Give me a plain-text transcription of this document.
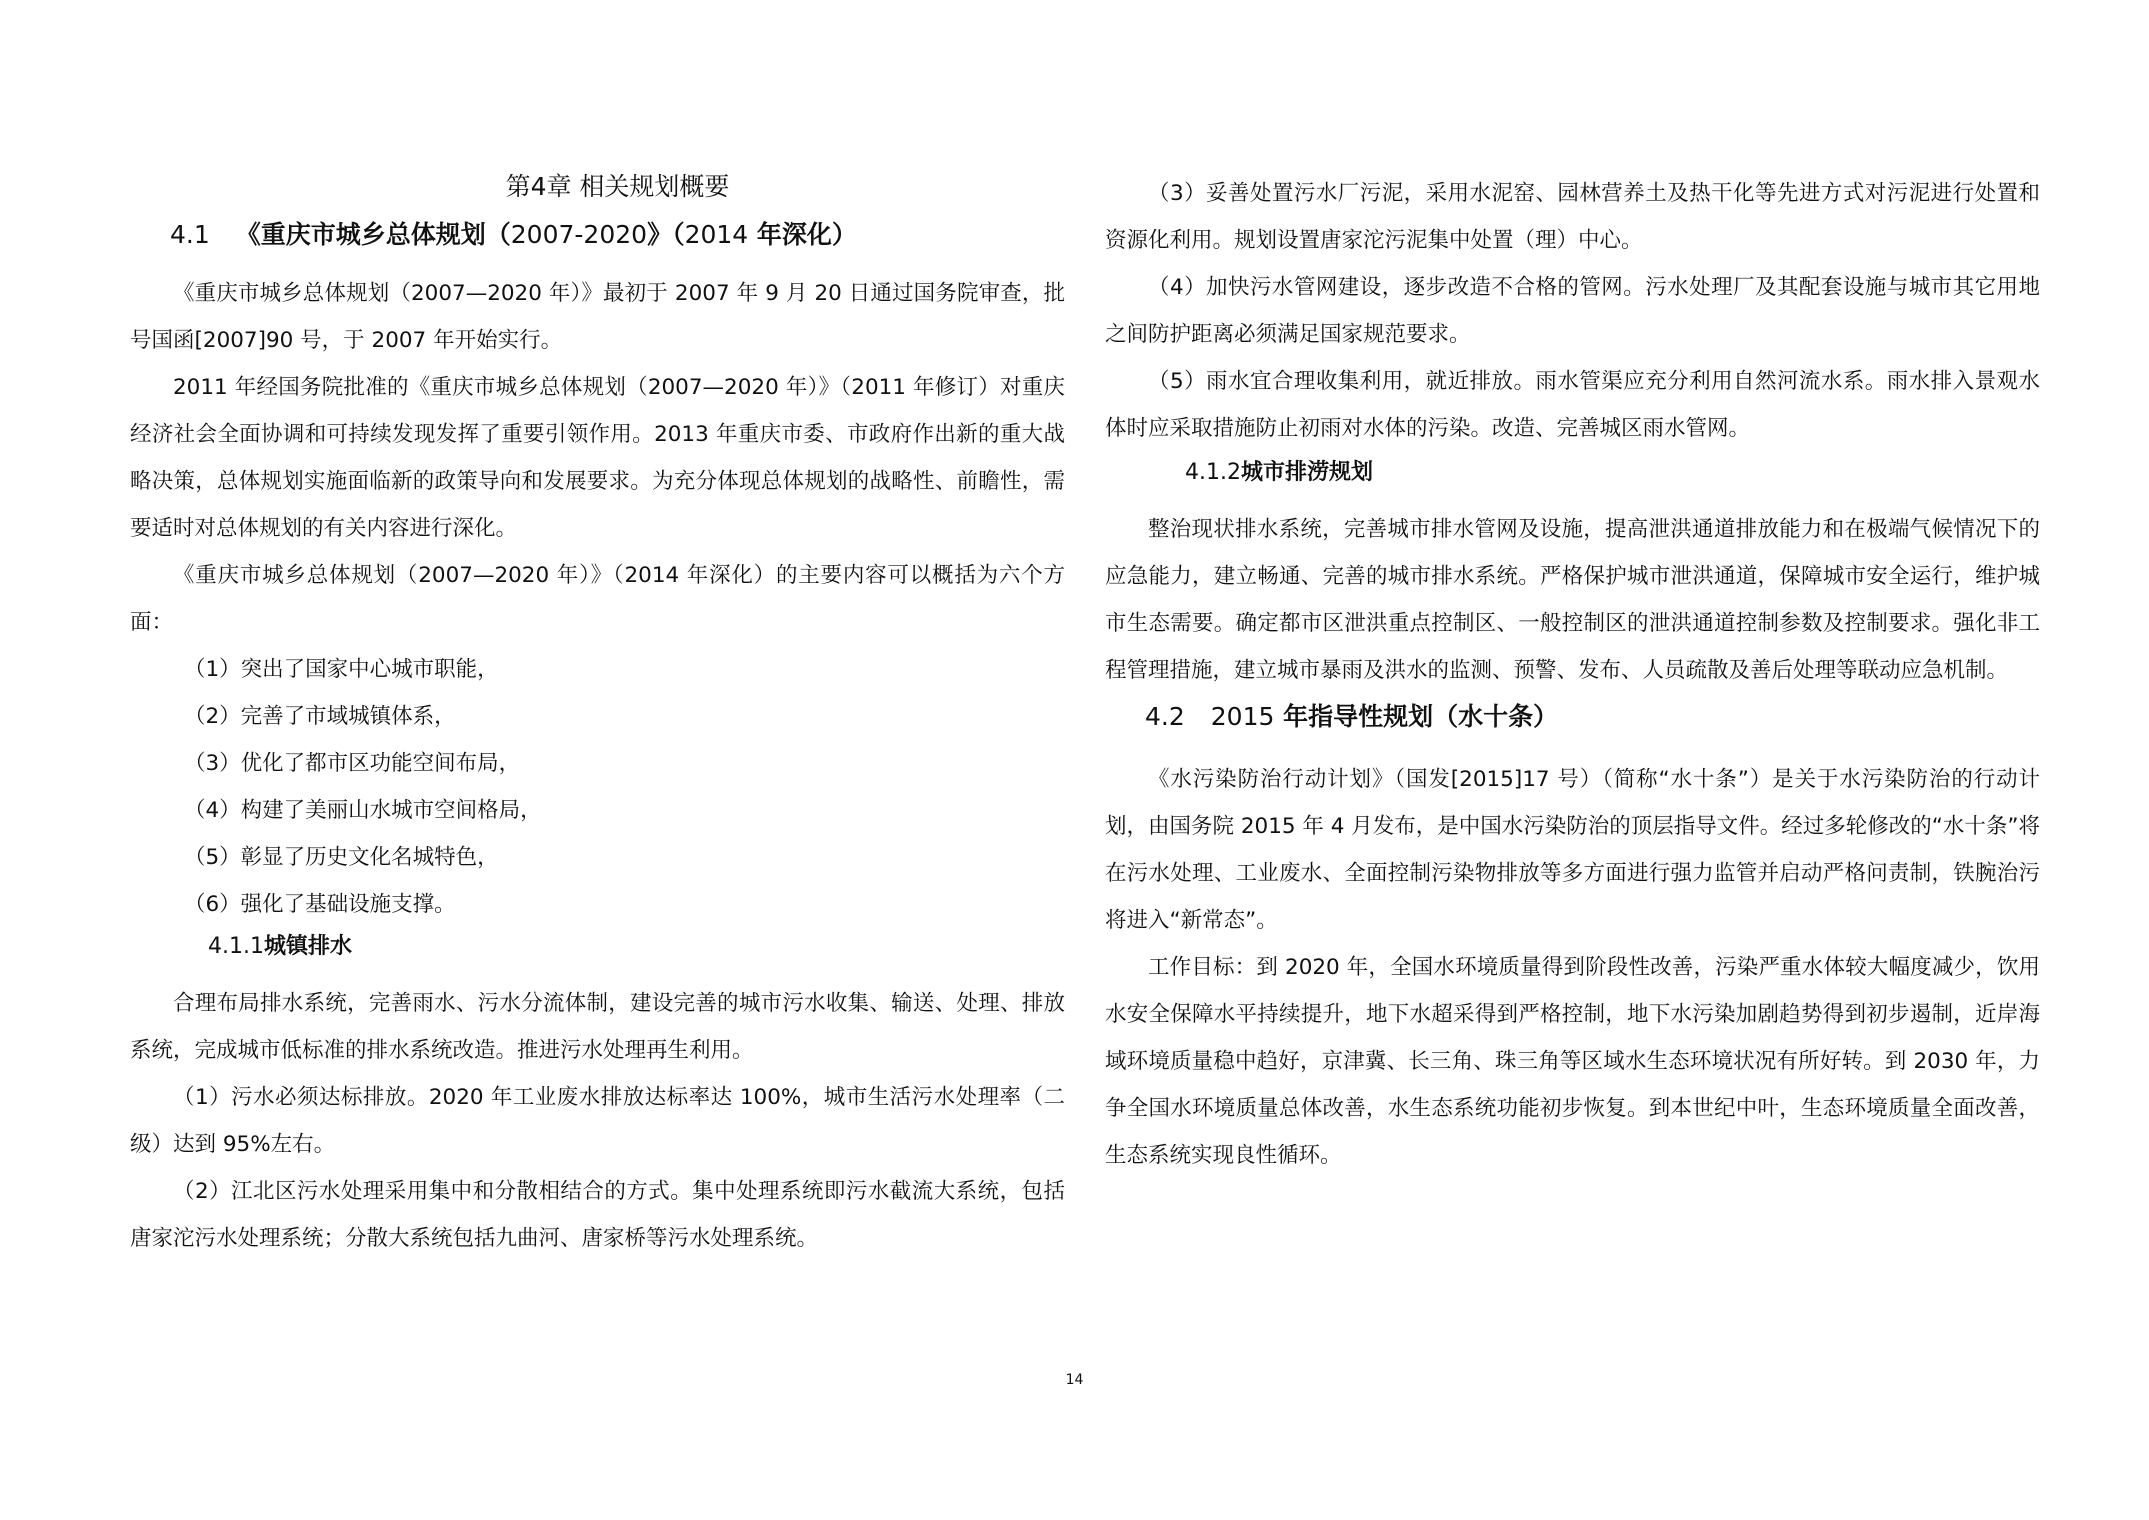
第4章 相关规划概要
4.1 《重庆市城乡总体规划（2007-2020》（2014 年深化）

《重庆市城乡总体规划（2007—2020 年）》最初于 2007 年 9 月 20 日通过国务院审查，批号国函[2007]90 号，于 2007 年开始实行。

2011 年经国务院批准的《重庆市城乡总体规划（2007—2020 年）》（2011 年修订）对重庆经济社会全面协调和可持续发现发挥了重要引领作用。2013 年重庆市委、市政府作出新的重大战略决策，总体规划实施面临新的政策导向和发展要求。为充分体现总体规划的战略性、前瞻性，需要适时对总体规划的有关内容进行深化。

《重庆市城乡总体规划（2007—2020 年）》（2014 年深化）的主要内容可以概括为六个方面：

（1）突出了国家中心城市职能，

（2）完善了市域城镇体系，

（3）优化了都市区功能空间布局，

（4）构建了美丽山水城市空间格局，

（5）彰显了历史文化名城特色，

（6）强化了基础设施支撑。

4.1.1城镇排水

合理布局排水系统，完善雨水、污水分流体制，建设完善的城市污水收集、输送、处理、排放系统，完成城市低标准的排水系统改造。推进污水处理再生利用。

（1）污水必须达标排放。2020 年工业废水排放达标率达 100%，城市生活污水处理率（二级）达到 95%左右。

（2）江北区污水处理采用集中和分散相结合的方式。集中处理系统即污水截流大系统，包括唐家沱污水处理系统；分散大系统包括九曲河、唐家桥等污水处理系统。

（3）妥善处置污水厂污泥，采用水泥窑、园林营养土及热干化等先进方式对污泥进行处置和资源化利用。规划设置唐家沱污泥集中处置（理）中心。

（4）加快污水管网建设，逐步改造不合格的管网。污水处理厂及其配套设施与城市其它用地之间防护距离必须满足国家规范要求。

（5）雨水宜合理收集利用，就近排放。雨水管渠应充分利用自然河流水系。雨水排入景观水体时应采取措施防止初雨对水体的污染。改造、完善城区雨水管网。

4.1.2城市排涝规划

整治现状排水系统，完善城市排水管网及设施，提高泄洪通道排放能力和在极端气候情况下的应急能力，建立畅通、完善的城市排水系统。严格保护城市泄洪通道，保障城市安全运行，维护城市生态需要。确定都市区泄洪重点控制区、一般控制区的泄洪通道控制参数及控制要求。强化非工程管理措施，建立城市暴雨及洪水的监测、预警、发布、人员疏散及善后处理等联动应急机制。

4.2 2015 年指导性规划（水十条）

《水污染防治行动计划》（国发[2015]17 号）（简称“水十条”）是关于水污染防治的行动计划，由国务院 2015 年 4 月发布，是中国水污染防治的顶层指导文件。经过多轮修改的“水十条”将在污水处理、工业废水、全面控制污染物排放等多方面进行强力监管并启动严格问责制，铁腕治污将进入“新常态”。

工作目标：到 2020 年，全国水环境质量得到阶段性改善，污染严重水体较大幅度减少，饮用水安全保障水平持续提升，地下水超采得到严格控制，地下水污染加剧趋势得到初步遏制，近岸海域环境质量稳中趋好，京津冀、长三角、珠三角等区域水生态环境状况有所好转。到 2030 年，力争全国水环境质量总体改善，水生态系统功能初步恢复。到本世纪中叶，生态环境质量全面改善，生态系统实现良性循环。

14
